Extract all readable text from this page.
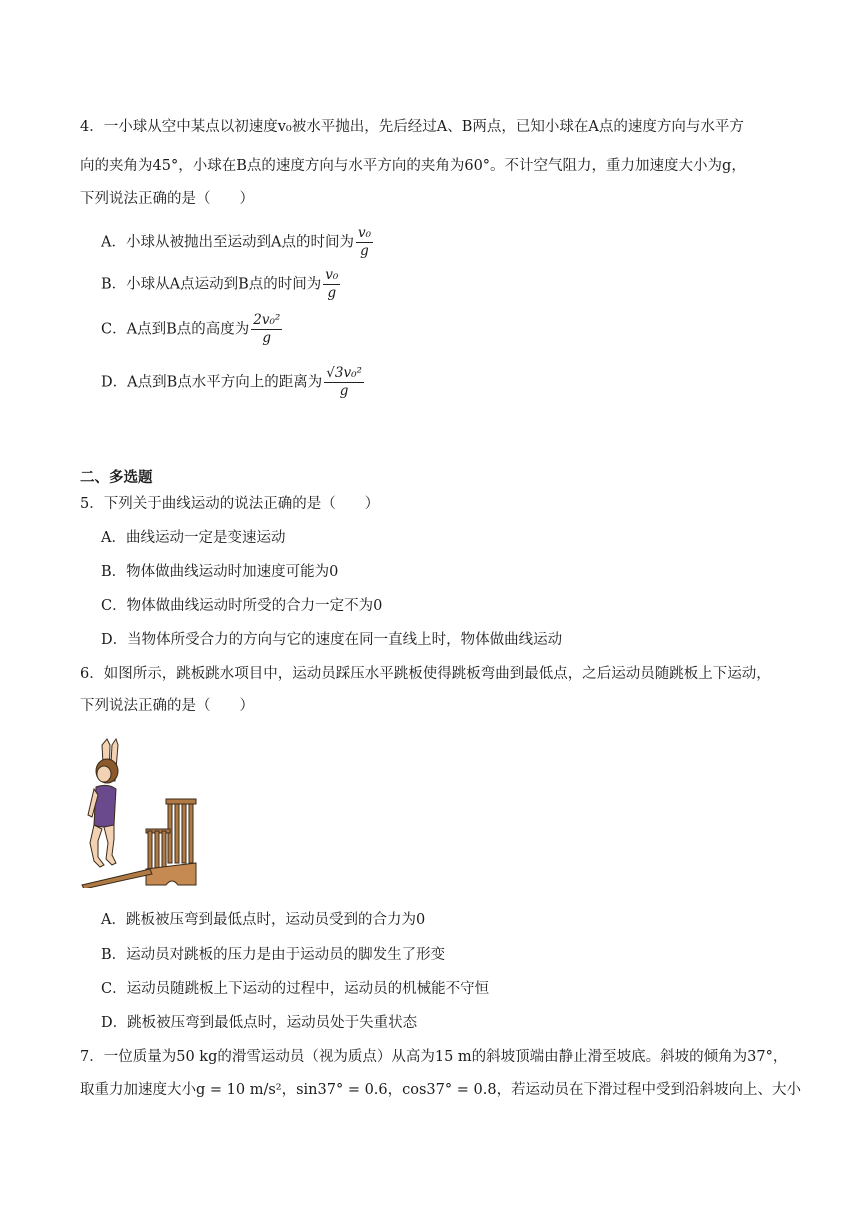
4．一小球从空中某点以初速度v₀被水平抛出，先后经过A、B两点，已知小球在A点的速度方向与水平方
向的夹角为45°，小球在B点的速度方向与水平方向的夹角为60°。不计空气阻力，重力加速度大小为g，
下列说法正确的是（　　）
A．小球从被抛出至运动到A点的时间为 $\frac{\text{v₀}}{g}$
B．小球从A点运动到B点的时间为 $\frac{\text{v₀}}{g}$
C．A点到B点的高度为 $\frac{\text{2v₀²}}{g}$
D．A点到B点水平方向上的距离为 $\frac{\text{√3v₀²}}{g}$
二、多选题
5．下列关于曲线运动的说法正确的是（　　）
A．曲线运动一定是变速运动
B．物体做曲线运动时加速度可能为0
C．物体做曲线运动时所受的合力一定不为0
D．当物体所受合力的方向与它的速度在同一直线上时，物体做曲线运动
6．如图所示，跳板跳水项目中，运动员踩压水平跳板使得跳板弯曲到最低点，之后运动员随跳板上下运动，
下列说法正确的是（　　）
A．跳板被压弯到最低点时，运动员受到的合力为0
B．运动员对跳板的压力是由于运动员的脚发生了形变
C．运动员随跳板上下运动的过程中，运动员的机械能不守恒
D．跳板被压弯到最低点时，运动员处于失重状态
7．一位质量为50 kg的滑雪运动员（视为质点）从高为15 m的斜坡顶端由静止滑至坡底。斜坡的倾角为37°，
取重力加速度大小g = 10 m/s²，sin37° = 0.6，cos37° = 0.8，若运动员在下滑过程中受到沿斜坡向上、大小
